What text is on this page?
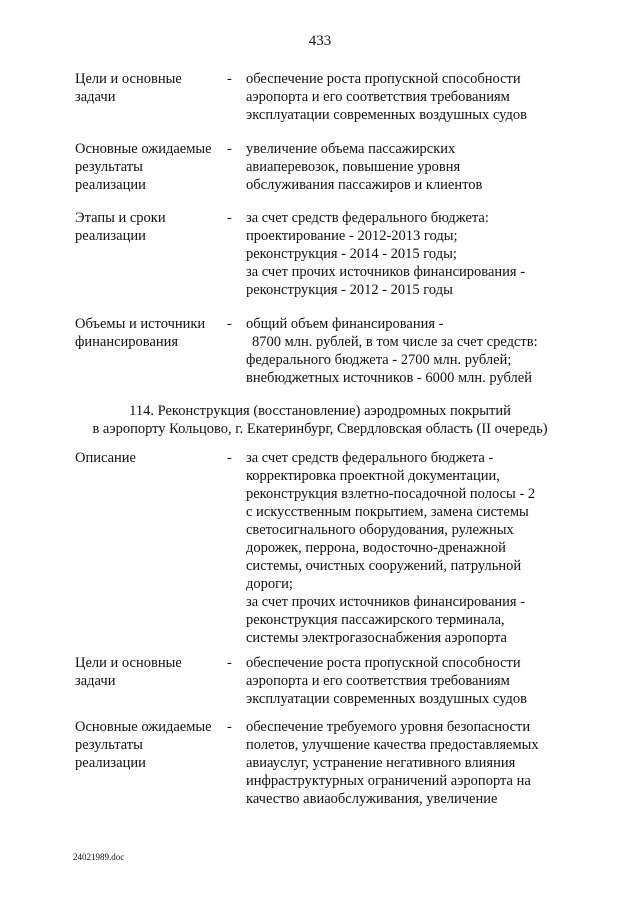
433
Цели и основные
задачи
- обеспечение роста пропускной способности
аэропорта и его соответствия требованиям
эксплуатации современных воздушных судов
Основные ожидаемые
результаты
реализации
- увеличение объема пассажирских
авиаперевозок, повышение уровня
обслуживания пассажиров и клиентов
Этапы и сроки
реализации
- за счет средств федерального бюджета:
проектирование - 2012-2013 годы;
реконструкция - 2014 - 2015 годы;
за счет прочих источников финансирования -
реконструкция - 2012 - 2015 годы
Объемы и источники
финансирования
- общий объем финансирования -
8700 млн. рублей, в том числе за счет средств:
федерального бюджета - 2700 млн. рублей;
внебюджетных источников - 6000 млн. рублей
114. Реконструкция (восстановление) аэродромных покрытий
в аэропорту Кольцово, г. Екатеринбург, Свердловская область (II очередь)
Описание	- за счет средств федерального бюджета -
корректировка проектной документации,
реконструкция взлетно-посадочной полосы - 2
с искусственным покрытием, замена системы
светосигнального оборудования, рулежных
дорожек, перрона, водосточно-дренажной
системы, очистных сооружений, патрульной
дороги;
за счет прочих источников финансирования -
реконструкция пассажирского терминала,
системы электрогазоснабжения аэропорта
Цели и основные
задачи
- обеспечение роста пропускной способности
аэропорта и его соответствия требованиям
эксплуатации современных воздушных судов
Основные ожидаемые
результаты
реализации
- обеспечение требуемого уровня безопасности
полетов, улучшение качества предоставляемых
авиауслуг, устранение негативного влияния
инфраструктурных ограничений аэропорта на
качество авиаобслуживания, увеличение
24021989.doc
